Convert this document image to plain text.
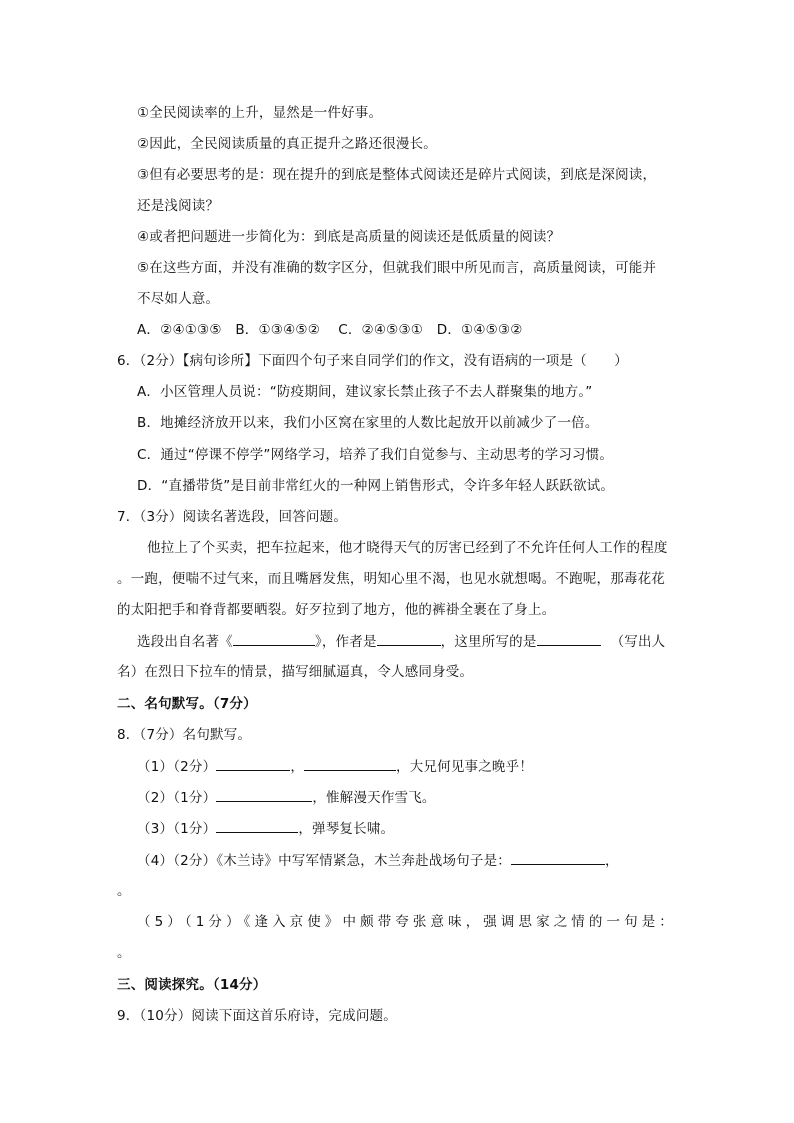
①全民阅读率的上升，显然是一件好事。
②因此，全民阅读质量的真正提升之路还很漫长。
③但有必要思考的是：现在提升的到底是整体式阅读还是碎片式阅读，到底是深阅读，
还是浅阅读？
④或者把问题进一步简化为：到底是高质量的阅读还是低质量的阅读？
⑤在这些方面，并没有准确的数字区分，但就我们眼中所见而言，高质量阅读，可能并
不尽如人意。
A．②④①③⑤　B．①③④⑤②　 C．②④⑤③①　D．①④⑤③②
6．（2分）【病句诊所】下面四个句子来自同学们的作文，没有语病的一项是（　　）
A．小区管理人员说：“防疫期间，建议家长禁止孩子不去人群聚集的地方。”
B．地摊经济放开以来，我们小区窝在家里的人数比起放开以前减少了一倍。
C．通过“停课不停学”网络学习，培养了我们自觉参与、主动思考的学习习惯。
D．“直播带货”是目前非常红火的一种网上销售形式，令许多年轻人跃跃欲试。
7．（3分）阅读名著选段，回答问题。
他拉上了个买卖，把车拉起来，他才晓得天气的厉害已经到了不允许任何人工作的程度
。一跑，便喘不过气来，而且嘴唇发焦，明知心里不渴，也见水就想喝。不跑呢，那毒花花
的太阳把手和脊背都要晒裂。好歹拉到了地方，他的裤褂全裹在了身上。
选段出自名著《	》，作者是	，这里所写的是	（写出人
名）在烈日下拉车的情景，描写细腻逼真，令人感同身受。
二、名句默写。（7分）
8．（7分）名句默写。
（1）（2分）	，	，大兄何见事之晚乎！
（2）（1分）	，惟解漫天作雪飞。
（3）（1分）	，弹琴复长啸。
（4）（2分）《木兰诗》中写军情紧急，木兰奔赴战场句子是：	，
。
（5）（1分）《逢入京使》中颇带夸张意味，强调思家之情的一句是：
。
三、阅读探究。（14分）
9．（10分）阅读下面这首乐府诗，完成问题。
